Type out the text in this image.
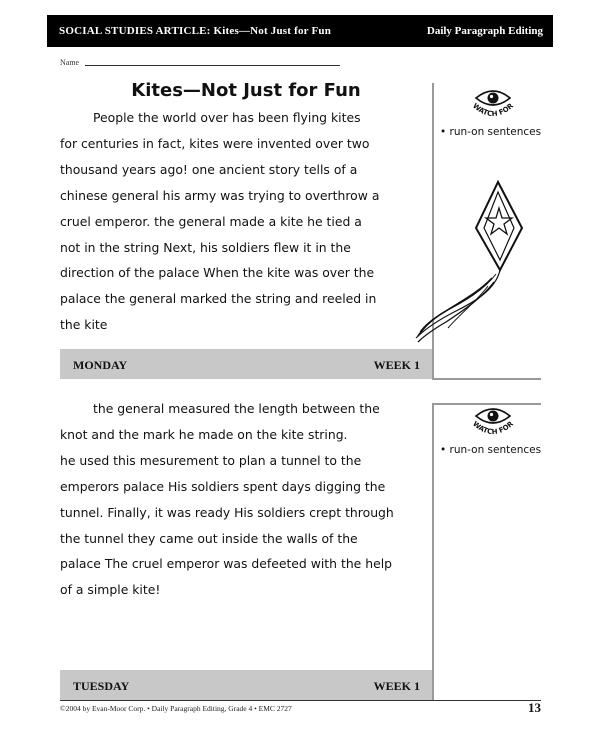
SOCIAL STUDIES ARTICLE: Kites—Not Just for Fun	Daily Paragraph Editing
Name
Kites—Not Just for Fun
People the world over has been flying kites
for centuries in fact, kites were invented over two
thousand years ago! one ancient story tells of a
chinese general his army was trying to overthrow a
cruel emperor. the general made a kite he tied a
not in the string Next, his soldiers flew it in the
direction of the palace When the kite was over the
palace the general marked the string and reeled in
the kite
WATCH FOR
• run-on sentences
MONDAY	WEEK 1
the general measured the length between the
knot and the mark he made on the kite string.
he used this mesurement to plan a tunnel to the
emperors palace His soldiers spent days digging the
tunnel. Finally, it was ready His soldiers crept through
the tunnel they came out inside the walls of the
palace The cruel emperor was defeeted with the help
of a simple kite!
WATCH FOR
• run-on sentences
TUESDAY	WEEK 1
©2004 by Evan-Moor Corp. • Daily Paragraph Editing, Grade 4 • EMC 2727	13
